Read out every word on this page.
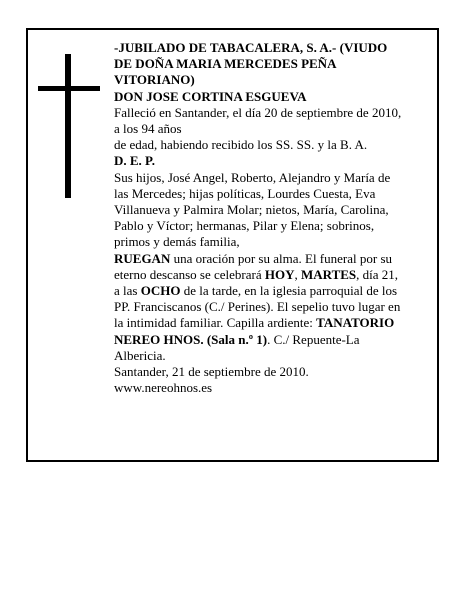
-JUBILADO DE TABACALERA, S. A.- (VIUDO
DE DOÑA MARIA MERCEDES PEÑA
VITORIANO)
DON JOSE CORTINA ESGUEVA
Falleció en Santander, el día 20 de septiembre de 2010,
a los 94 años
de edad, habiendo recibido los SS. SS. y la B. A.
D. E. P.
Sus hijos, José Angel, Roberto, Alejandro y María de
las Mercedes; hijas políticas, Lourdes Cuesta, Eva
Villanueva y Palmira Molar; nietos, María, Carolina,
Pablo y Víctor; hermanas, Pilar y Elena; sobrinos,
primos y demás familia,
RUEGAN una oración por su alma. El funeral por su
eterno descanso se celebrará HOY, MARTES, día 21,
a las OCHO de la tarde, en la iglesia parroquial de los
PP. Franciscanos (C./ Perines). El sepelio tuvo lugar en
la intimidad familiar. Capilla ardiente: TANATORIO
NEREO HNOS. (Sala n.º 1). C./ Repuente-La
Albericia.
Santander, 21 de septiembre de 2010.
www.nereohnos.es
